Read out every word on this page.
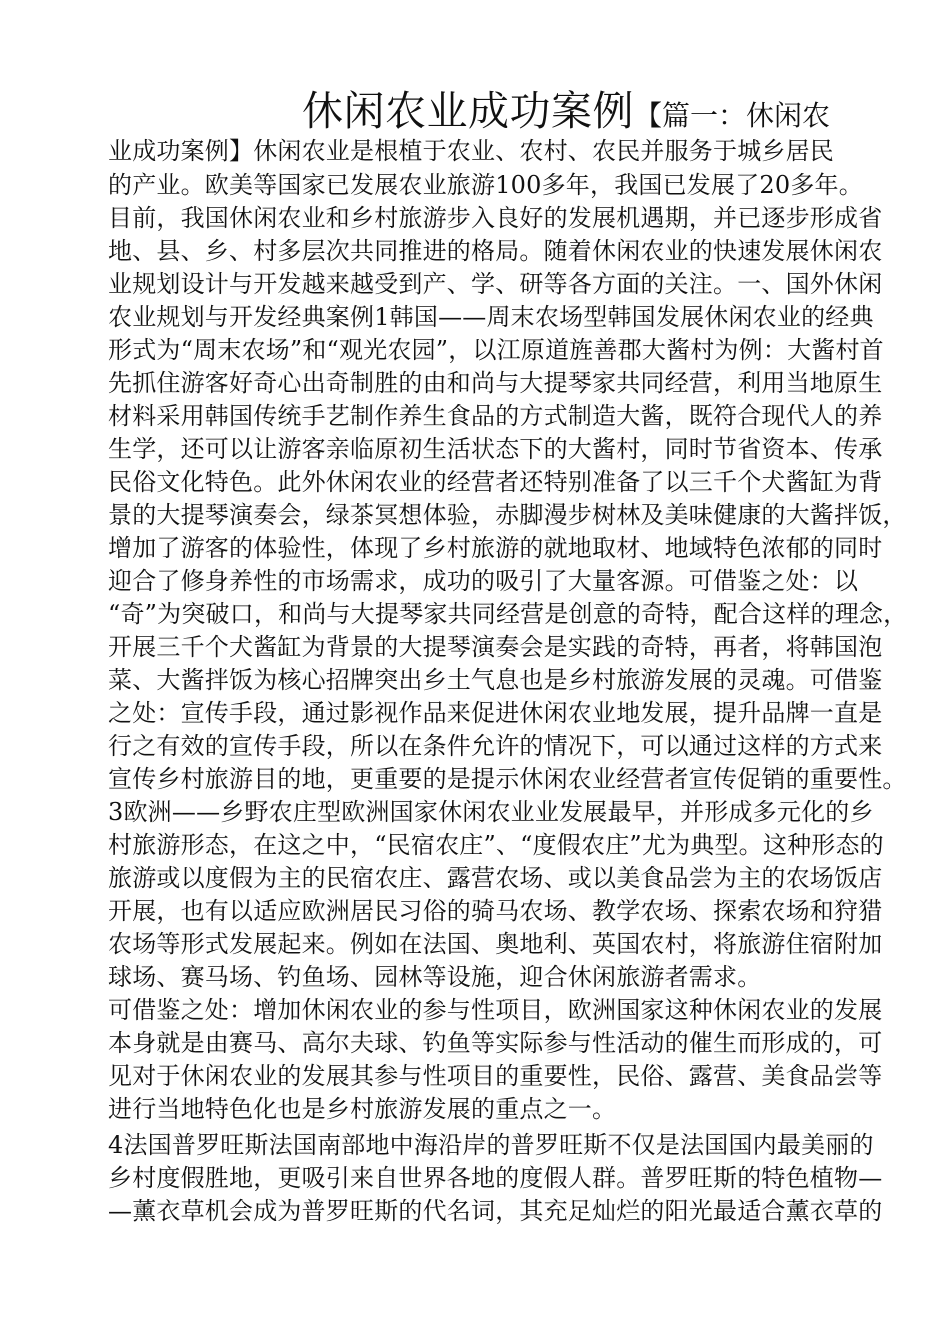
休闲农业成功案例【篇一：休闲农
业成功案例】休闲农业是根植于农业、农村、农民并服务于城乡居民
的产业。欧美等国家已发展农业旅游100多年，我国已发展了20多年。
目前，我国休闲农业和乡村旅游步入良好的发展机遇期，并已逐步形成省
地、县、乡、村多层次共同推进的格局。随着休闲农业的快速发展休闲农
业规划设计与开发越来越受到产、学、研等各方面的关注。一、国外休闲
农业规划与开发经典案例1韩国——周末农场型韩国发展休闲农业的经典
形式为“周末农场”和“观光农园”，以江原道旌善郡大酱村为例：大酱村首
先抓住游客好奇心出奇制胜的由和尚与大提琴家共同经营，利用当地原生
材料采用韩国传统手艺制作养生食品的方式制造大酱，既符合现代人的养
生学，还可以让游客亲临原初生活状态下的大酱村，同时节省资本、传承
民俗文化特色。此外休闲农业的经营者还特别准备了以三千个犬酱缸为背
景的大提琴演奏会，绿茶冥想体验，赤脚漫步树林及美味健康的大酱拌饭，
增加了游客的体验性，体现了乡村旅游的就地取材、地域特色浓郁的同时
迎合了修身养性的市场需求，成功的吸引了大量客源。可借鉴之处：以
“奇”为突破口，和尚与大提琴家共同经营是创意的奇特，配合这样的理念，
开展三千个犬酱缸为背景的大提琴演奏会是实践的奇特，再者，将韩国泡
菜、大酱拌饭为核心招牌突出乡土气息也是乡村旅游发展的灵魂。可借鉴
之处：宣传手段，通过影视作品来促进休闲农业地发展，提升品牌一直是
行之有效的宣传手段，所以在条件允许的情况下，可以通过这样的方式来
宣传乡村旅游目的地，更重要的是提示休闲农业经营者宣传促销的重要性。
3欧洲——乡野农庄型欧洲国家休闲农业业发展最早，并形成多元化的乡
村旅游形态，在这之中，“民宿农庄”、“度假农庄”尤为典型。这种形态的
旅游或以度假为主的民宿农庄、露营农场、或以美食品尝为主的农场饭店
开展，也有以适应欧洲居民习俗的骑马农场、教学农场、探索农场和狩猎
农场等形式发展起来。例如在法国、奥地利、英国农村，将旅游住宿附加
球场、赛马场、钓鱼场、园林等设施，迎合休闲旅游者需求。
可借鉴之处：增加休闲农业的参与性项目，欧洲国家这种休闲农业的发展
本身就是由赛马、高尔夫球、钓鱼等实际参与性活动的催生而形成的，可
见对于休闲农业的发展其参与性项目的重要性，民俗、露营、美食品尝等
进行当地特色化也是乡村旅游发展的重点之一。
4法国普罗旺斯法国南部地中海沿岸的普罗旺斯不仅是法国国内最美丽的
乡村度假胜地，更吸引来自世界各地的度假人群。普罗旺斯的特色植物—
—薰衣草机会成为普罗旺斯的代名词，其充足灿烂的阳光最适合薰衣草的
